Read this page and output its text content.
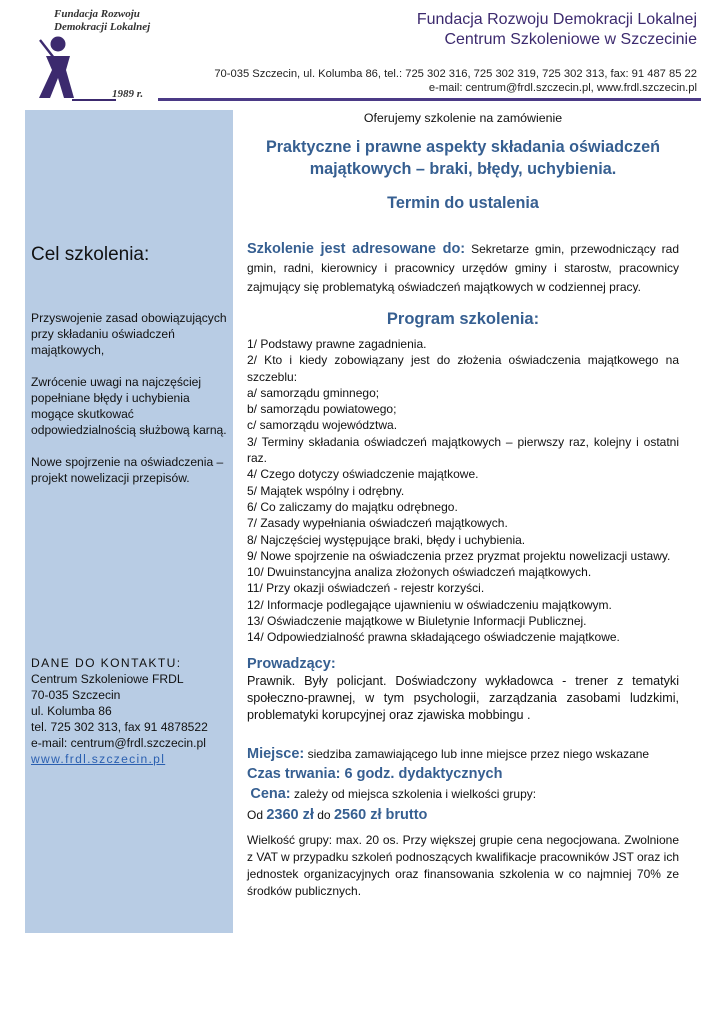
Fundacja Rozwoju
Demokracji Lokalnej
1989 r.
Fundacja Rozwoju Demokracji Lokalnej
Centrum Szkoleniowe w Szczecinie
70-035 Szczecin, ul. Kolumba 86, tel.: 725 302 316, 725 302 319, 725 302 313, fax: 91 487 85 22
e-mail: centrum@frdl.szczecin.pl, www.frdl.szczecin.pl
Cel szkolenia:

Przyswojenie zasad obowiązujących przy składaniu oświadczeń majątkowych,

Zwrócenie uwagi na najczęściej popełniane błędy i uchybienia mogące skutkować odpowiedzialnością służbową karną.

Nowe spojrzenie na oświadczenia – projekt nowelizacji przepisów.

DANE DO KONTAKTU:
Centrum Szkoleniowe FRDL
70-035 Szczecin
ul. Kolumba 86
tel. 725 302 313, fax 91 4878522
e-mail: centrum@frdl.szczecin.pl
www.frdl.szczecin.pl
Oferujemy szkolenie na zamówienie
Praktyczne i prawne aspekty składania oświadczeń
majątkowych – braki, błędy, uchybienia.
Termin do ustalenia
Szkolenie jest adresowane do: Sekretarze gmin, przewodniczący rad gmin, radni, kierownicy i pracownicy urzędów gminy i starostw, pracownicy zajmujący się problematyką oświadczeń majątkowych w codziennej pracy.
Program szkolenia:
1/ Podstawy prawne zagadnienia.
2/ Kto i kiedy zobowiązany jest do złożenia oświadczenia majątkowego na szczeblu:
a/ samorządu gminnego;
b/ samorządu powiatowego;
c/ samorządu województwa.
3/ Terminy składania oświadczeń majątkowych – pierwszy raz, kolejny i ostatni raz.
4/ Czego dotyczy oświadczenie majątkowe.
5/ Majątek wspólny i odrębny.
6/ Co zaliczamy do majątku odrębnego.
7/ Zasady wypełniania oświadczeń majątkowych.
8/ Najczęściej występujące braki, błędy i uchybienia.
9/ Nowe spojrzenie na oświadczenia przez pryzmat projektu nowelizacji ustawy.
10/ Dwuinstancyjna analiza złożonych oświadczeń majątkowych.
11/ Przy okazji oświadczeń - rejestr korzyści.
12/ Informacje podlegające ujawnieniu w oświadczeniu majątkowym.
13/ Oświadczenie majątkowe w Biuletynie Informacji Publicznej.
14/ Odpowiedzialność prawna składającego oświadczenie majątkowe.
Prowadzący:
Prawnik. Były policjant. Doświadczony wykładowca - trener z tematyki społeczno-prawnej, w tym psychologii, zarządzania zasobami ludzkimi, problematyki korupcyjnej oraz zjawiska mobbingu .
Miejsce: siedziba zamawiającego lub inne miejsce przez niego wskazane
Czas trwania: 6 godz. dydaktycznych
Cena: zależy od miejsca szkolenia i wielkości grupy:
Od 2360 zł do 2560 zł brutto
Wielkość grupy: max. 20 os. Przy większej grupie cena negocjowana. Zwolnione z VAT w przypadku szkoleń podnoszących kwalifikacje pracowników JST oraz ich jednostek organizacyjnych oraz finansowania szkolenia w co najmniej 70% ze środków publicznych.
